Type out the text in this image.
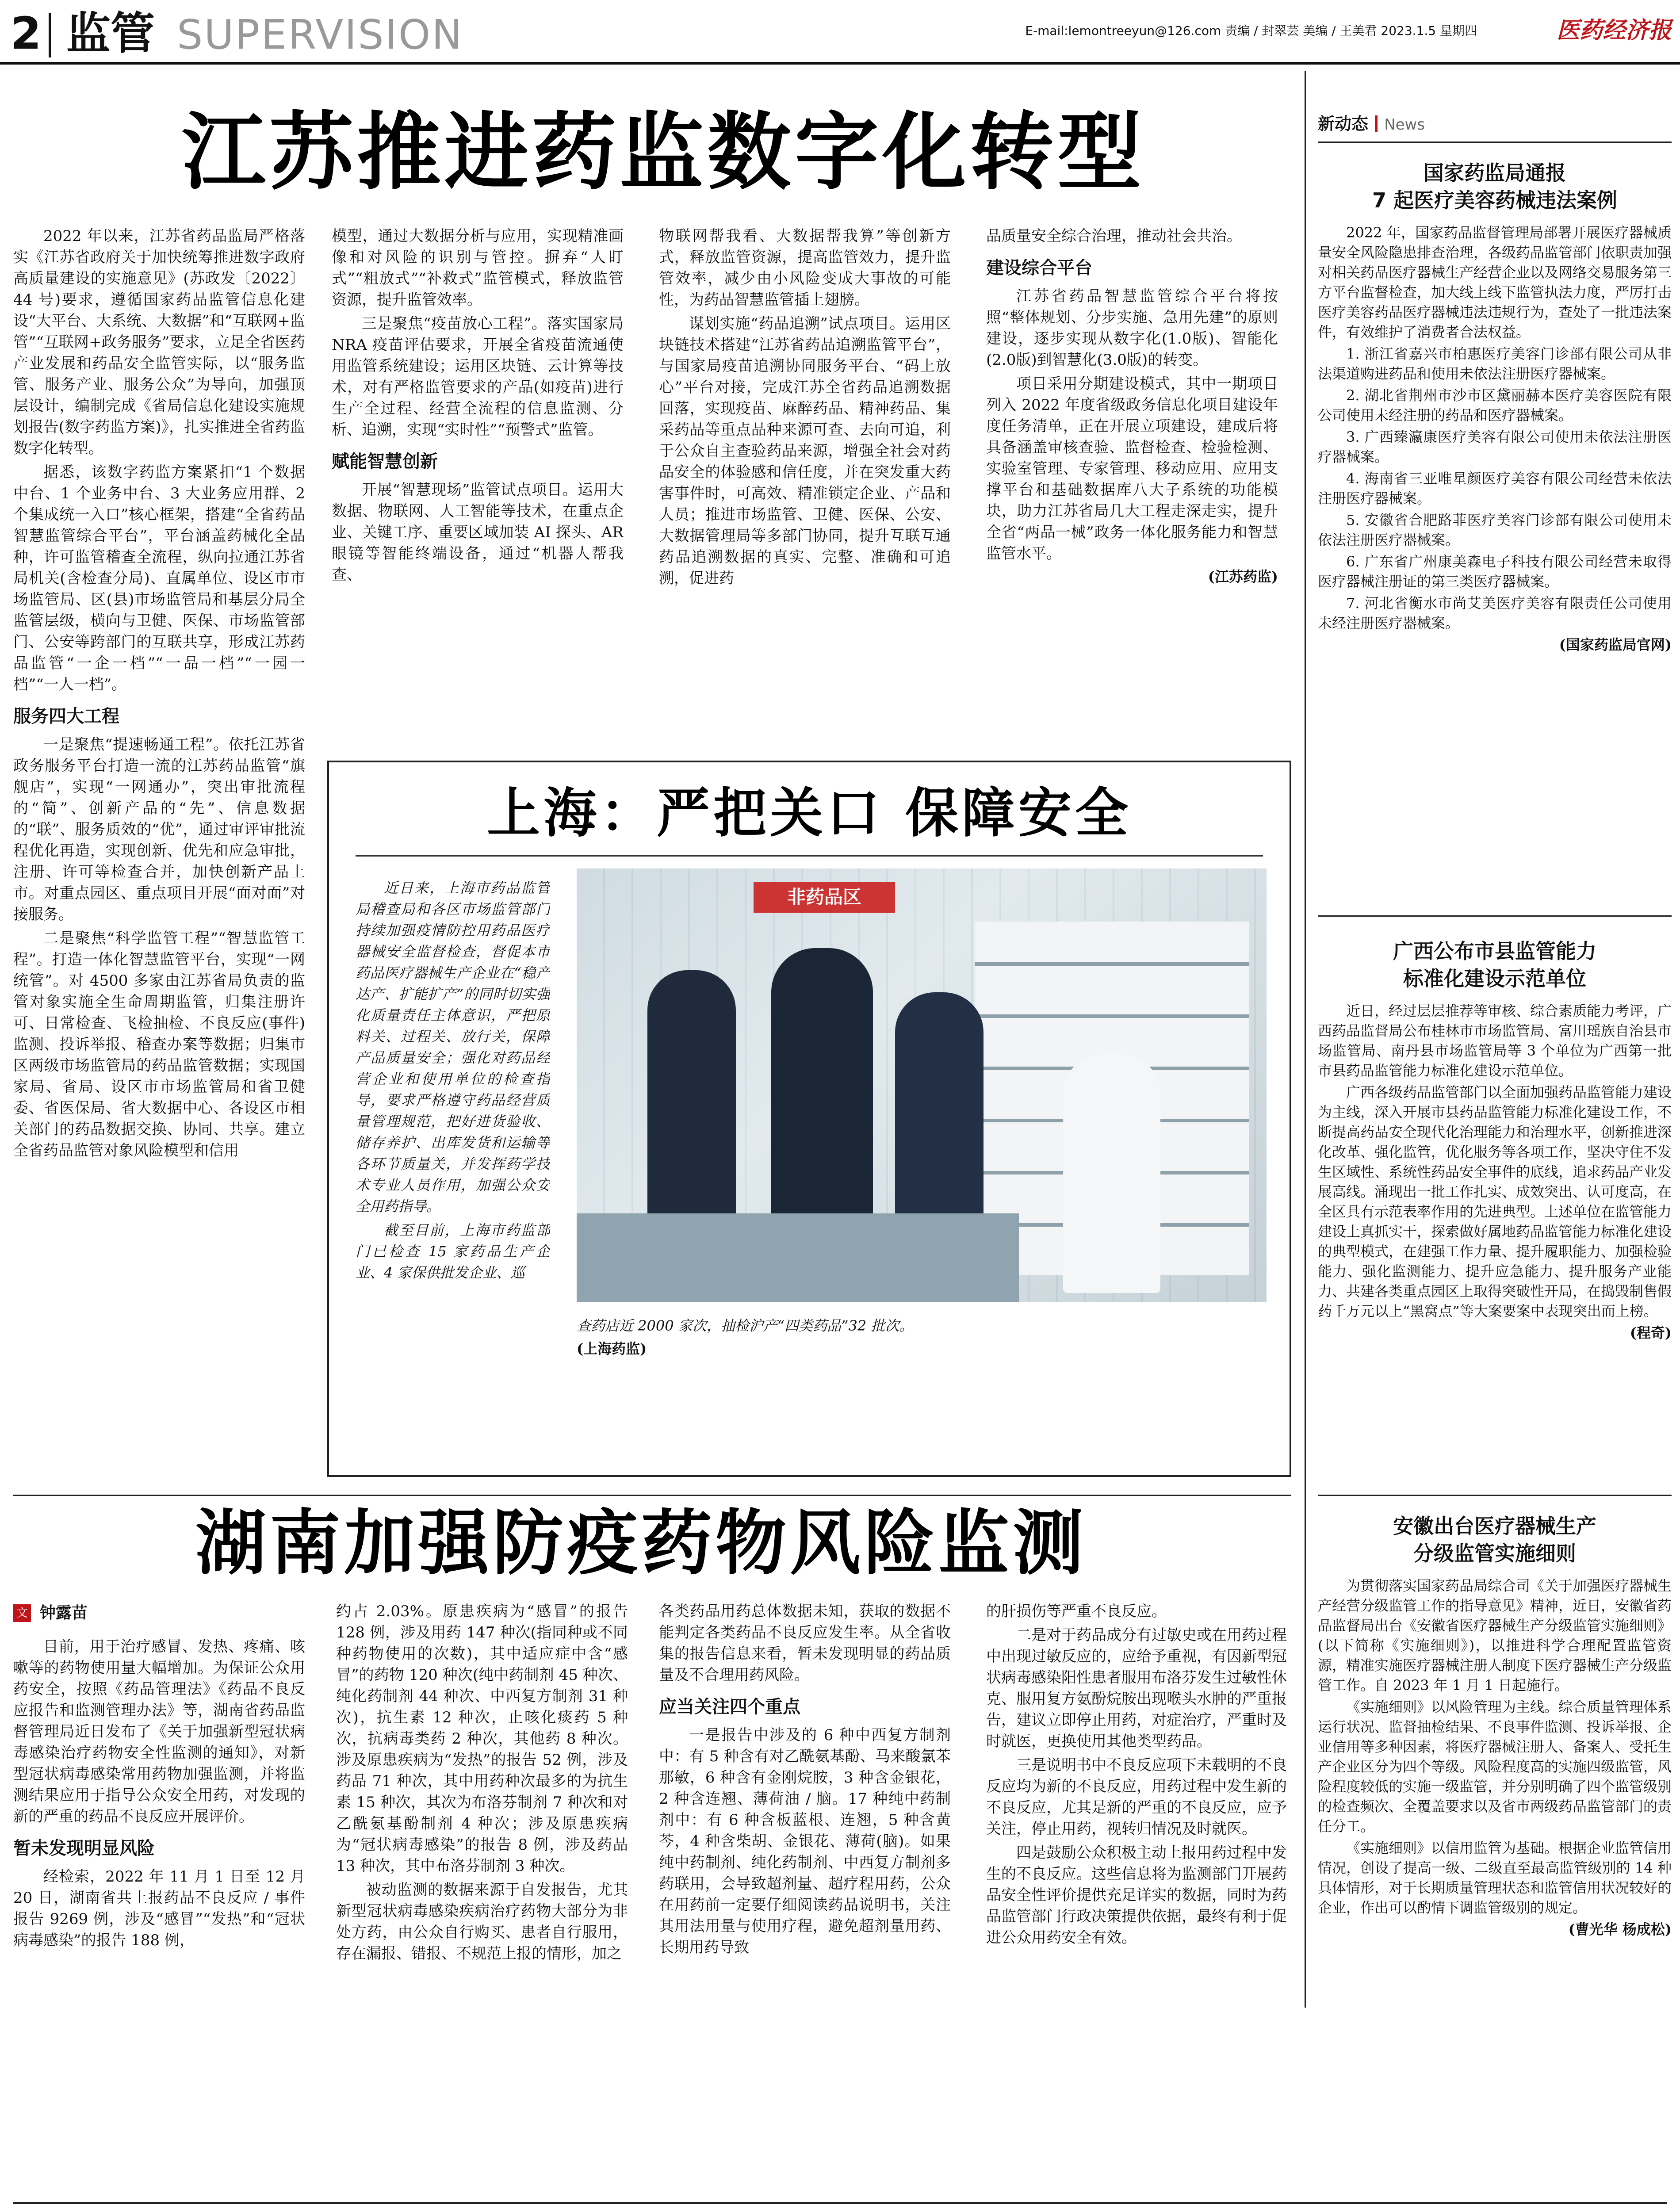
2 监管 SUPERVISION	E-mail:lemontreeyun@126.com 责编 / 封翠芸 美编 / 王美君 2023.1.5 星期四	医药经济报
江苏推进药监数字化转型

2022 年以来，江苏省药品监局严格落实《江苏省政府关于加快统筹推进数字政府高质量建设的实施意见》(苏政发〔2022〕44 号)要求，遵循国家药品监管信息化建设“大平台、大系统、大数据”和“互联网+监管”“互联网+政务服务”要求，立足全省医药产业发展和药品安全监管实际，以“服务监管、服务产业、服务公众”为导向，加强顶层设计，编制完成《省局信息化建设实施规划报告(数字药监方案)》，扎实推进全省药监数字化转型。

据悉，该数字药监方案紧扣“1 个数据中台、1 个业务中台、3 大业务应用群、2 个集成统一入口”核心框架，搭建“全省药品智慧监管综合平台”，平台涵盖药械化全品种，许可监管稽查全流程，纵向拉通江苏省局机关(含检查分局)、直属单位、设区市市场监管局、区(县)市场监管局和基层分局全监管层级，横向与卫健、医保、市场监管部门、公安等跨部门的互联共享，形成江苏药品监管“一企一档”“一品一档”“一园一档”“一人一档”。

服务四大工程

一是聚焦“提速畅通工程”。依托江苏省政务服务平台打造一流的江苏药品监管“旗舰店”，实现“一网通办”，突出审批流程的“简”、创新产品的“先”、信息数据的“联”、服务质效的“优”，通过审评审批流程优化再造，实现创新、优先和应急审批，注册、许可等检查合并，加快创新产品上市。对重点园区、重点项目开展“面对面”对接服务。

二是聚焦“科学监管工程”“智慧监管工程”。打造一体化智慧监管平台，实现“一网统管”。对 4500 多家由江苏省局负责的监管对象实施全生命周期监管，归集注册许可、日常检查、飞检抽检、不良反应(事件)监测、投诉举报、稽查办案等数据；归集市区两级市场监管局的药品监管数据；实现国家局、省局、设区市市场监管局和省卫健委、省医保局、省大数据中心、各设区市相关部门的药品数据交换、协同、共享。建立全省药品监管对象风险模型和信用

模型，通过大数据分析与应用，实现精准画像和对风险的识别与管控。摒弃“人盯式”“粗放式”“补救式”监管模式，释放监管资源，提升监管效率。

三是聚焦“疫苗放心工程”。落实国家局 NRA 疫苗评估要求，开展全省疫苗流通使用监管系统建设；运用区块链、云计算等技术，对有严格监管要求的产品(如疫苗)进行生产全过程、经营全流程的信息监测、分析、追溯，实现“实时性”“预警式”监管。

赋能智慧创新

开展“智慧现场”监管试点项目。运用大数据、物联网、人工智能等技术，在重点企业、关键工序、重要区域加装 AI 探头、AR 眼镜等智能终端设备，通过“机器人帮我查、

物联网帮我看、大数据帮我算”等创新方式，释放监管资源，提高监管效力，提升监管效率，减少由小风险变成大事故的可能性，为药品智慧监管插上翅膀。

谋划实施“药品追溯”试点项目。运用区块链技术搭建“江苏省药品追溯监管平台”，与国家局疫苗追溯协同服务平台、“码上放心”平台对接，完成江苏全省药品追溯数据回落，实现疫苗、麻醉药品、精神药品、集采药品等重点品种来源可查、去向可追，利于公众自主查验药品来源，增强全社会对药品安全的体验感和信任度，并在突发重大药害事件时，可高效、精准锁定企业、产品和人员；推进市场监管、卫健、医保、公安、大数据管理局等多部门协同，提升互联互通药品追溯数据的真实、完整、准确和可追溯，促进药

品质量安全综合治理，推动社会共治。

建设综合平台

江苏省药品智慧监管综合平台将按照“整体规划、分步实施、急用先建”的原则建设，逐步实现从数字化(1.0版)、智能化(2.0版)到智慧化(3.0版)的转变。

项目采用分期建设模式，其中一期项目列入 2022 年度省级政务信息化项目建设年度任务清单，正在开展立项建设，建成后将具备涵盖审核查验、监督检查、检验检测、实验室管理、专家管理、移动应用、应用支撑平台和基础数据库八大子系统的功能模块，助力江苏省局几大工程走深走实，提升全省“两品一械”政务一体化服务能力和智慧监管水平。

(江苏药监)
上海：严把关口 保障安全

近日来，上海市药品监管局稽查局和各区市场监管部门持续加强疫情防控用药品医疗器械安全监督检查，督促本市药品医疗器械生产企业在“稳产达产、扩能扩产”的同时切实强化质量责任主体意识，严把原料关、过程关、放行关，保障产品质量安全；强化对药品经营企业和使用单位的检查指导，要求严格遵守药品经营质量管理规范，把好进货验收、储存养护、出库发货和运输等各环节质量关，并发挥药学技术专业人员作用，加强公众安全用药指导。

截至目前，上海市药监部门已检查 15 家药品生产企业、4 家保供批发企业、巡

非药品区

查药店近 2000 家次，抽检沪产“四类药品”32 批次。

(上海药监)
湖南加强防疫药物风险监测
文 钟露苗

目前，用于治疗感冒、发热、疼痛、咳嗽等的药物使用量大幅增加。为保证公众用药安全，按照《药品管理法》《药品不良反应报告和监测管理办法》等，湖南省药品监督管理局近日发布了《关于加强新型冠状病毒感染治疗药物安全性监测的通知》，对新型冠状病毒感染常用药物加强监测，并将监测结果应用于指导公众安全用药，对发现的新的严重的药品不良反应开展评价。

暂未发现明显风险

经检索，2022 年 11 月 1 日至 12 月 20 日，湖南省共上报药品不良反应 / 事件报告 9269 例，涉及“感冒”“发热”和“冠状病毒感染”的报告 188 例，

约占 2.03%。原患疾病为“感冒”的报告 128 例，涉及用药 147 种次(指同种或不同种药物使用的次数)，其中适应症中含“感冒”的药物 120 种次(纯中药制剂 45 种次、纯化药制剂 44 种次、中西复方制剂 31 种次)，抗生素 12 种次，止咳化痰药 5 种次，抗病毒类药 2 种次，其他药 8 种次。涉及原患疾病为“发热”的报告 52 例，涉及药品 71 种次，其中用药种次最多的为抗生素 15 种次，其次为布洛芬制剂 7 种次和对乙酰氨基酚制剂 4 种次；涉及原患疾病为“冠状病毒感染”的报告 8 例，涉及药品 13 种次，其中布洛芬制剂 3 种次。

被动监测的数据来源于自发报告，尤其新型冠状病毒感染疾病治疗药物大部分为非处方药，由公众自行购买、患者自行服用，存在漏报、错报、不规范上报的情形，加之

各类药品用药总体数据未知，获取的数据不能判定各类药品不良反应发生率。从全省收集的报告信息来看，暂未发现明显的药品质量及不合理用药风险。

应当关注四个重点

一是报告中涉及的 6 种中西复方制剂中：有 5 种含有对乙酰氨基酚、马来酸氯苯那敏，6 种含有金刚烷胺，3 种含金银花，2 种含连翘、薄荷油 / 脑。17 种纯中药制剂中：有 6 种含板蓝根、连翘，5 种含黄芩，4 种含柴胡、金银花、薄荷(脑)。如果纯中药制剂、纯化药制剂、中西复方制剂多药联用，会导致超剂量、超疗程用药，公众在用药前一定要仔细阅读药品说明书，关注其用法用量与使用疗程，避免超剂量用药、长期用药导致

的肝损伤等严重不良反应。

二是对于药品成分有过敏史或在用药过程中出现过敏反应的，应给予重视，有因新型冠状病毒感染阳性患者服用布洛芬发生过敏性休克、服用复方氨酚烷胺出现喉头水肿的严重报告，建议立即停止用药，对症治疗，严重时及时就医，更换使用其他类型药品。

三是说明书中不良反应项下未载明的不良反应均为新的不良反应，用药过程中发生新的不良反应，尤其是新的严重的不良反应，应予关注，停止用药，视转归情况及时就医。

四是鼓励公众积极主动上报用药过程中发生的不良反应。这些信息将为监测部门开展药品安全性评价提供充足详实的数据，同时为药品监管部门行政决策提供依据，最终有利于促进公众用药安全有效。

新动态 News
国家药监局通报
7 起医疗美容药械违法案例

2022 年，国家药品监督管理局部署开展医疗器械质量安全风险隐患排查治理，各级药品监管部门依职责加强对相关药品医疗器械生产经营企业以及网络交易服务第三方平台监督检查，加大线上线下监管执法力度，严厉打击医疗美容药品医疗器械违法违规行为，查处了一批违法案件，有效维护了消费者合法权益。

1. 浙江省嘉兴市柏惠医疗美容门诊部有限公司从非法渠道购进药品和使用未依法注册医疗器械案。

2. 湖北省荆州市沙市区黛丽赫本医疗美容医院有限公司使用未经注册的药品和医疗器械案。

3. 广西臻瀛康医疗美容有限公司使用未依法注册医疗器械案。

4. 海南省三亚唯星颜医疗美容有限公司经营未依法注册医疗器械案。

5. 安徽省合肥路菲医疗美容门诊部有限公司使用未依法注册医疗器械案。

6. 广东省广州康美森电子科技有限公司经营未取得医疗器械注册证的第三类医疗器械案。

7. 河北省衡水市尚艾美医疗美容有限责任公司使用未经注册医疗器械案。

(国家药监局官网)
广西公布市县监管能力
标准化建设示范单位

近日，经过层层推荐等审核、综合素质能力考评，广西药品监督局公布桂林市市场监管局、富川瑶族自治县市场监管局、南丹县市场监管局等 3 个单位为广西第一批市县药品监管能力标准化建设示范单位。

广西各级药品监管部门以全面加强药品监管能力建设为主线，深入开展市县药品监管能力标准化建设工作，不断提高药品安全现代化治理能力和治理水平，创新推进深化改革、强化监管，优化服务等各项工作，坚决守住不发生区域性、系统性药品安全事件的底线，追求药品产业发展高线。涌现出一批工作扎实、成效突出、认可度高，在全区具有示范表率作用的先进典型。上述单位在监管能力建设上真抓实干，探索做好属地药品监管能力标准化建设的典型模式，在建强工作力量、提升履职能力、加强检验能力、强化监测能力、提升应急能力、提升服务产业能力、共建各类重点园区上取得突破性开局，在捣毁制售假药千万元以上“黑窝点”等大案要案中表现突出而上榜。

(程奇)
安徽出台医疗器械生产
分级监管实施细则

为贯彻落实国家药品局综合司《关于加强医疗器械生产经营分级监管工作的指导意见》精神，近日，安徽省药品监督局出台《安徽省医疗器械生产分级监管实施细则》(以下简称《实施细则》)，以推进科学合理配置监管资源，精准实施医疗器械注册人制度下医疗器械生产分级监管工作。自 2023 年 1 月 1 日起施行。

《实施细则》以风险管理为主线。综合质量管理体系运行状况、监督抽检结果、不良事件监测、投诉举报、企业信用等多种因素，将医疗器械注册人、备案人、受托生产企业区分为四个等级。风险程度高的实施四级监管，风险程度较低的实施一级监管，并分别明确了四个监管级别的检查频次、全覆盖要求以及省市两级药品监管部门的责任分工。

《实施细则》以信用监管为基础。根据企业监管信用情况，创设了提高一级、二级直至最高监管级别的 14 种具体情形，对于长期质量管理状态和监管信用状况较好的企业，作出可以酌情下调监管级别的规定。

(曹光华 杨成松)
